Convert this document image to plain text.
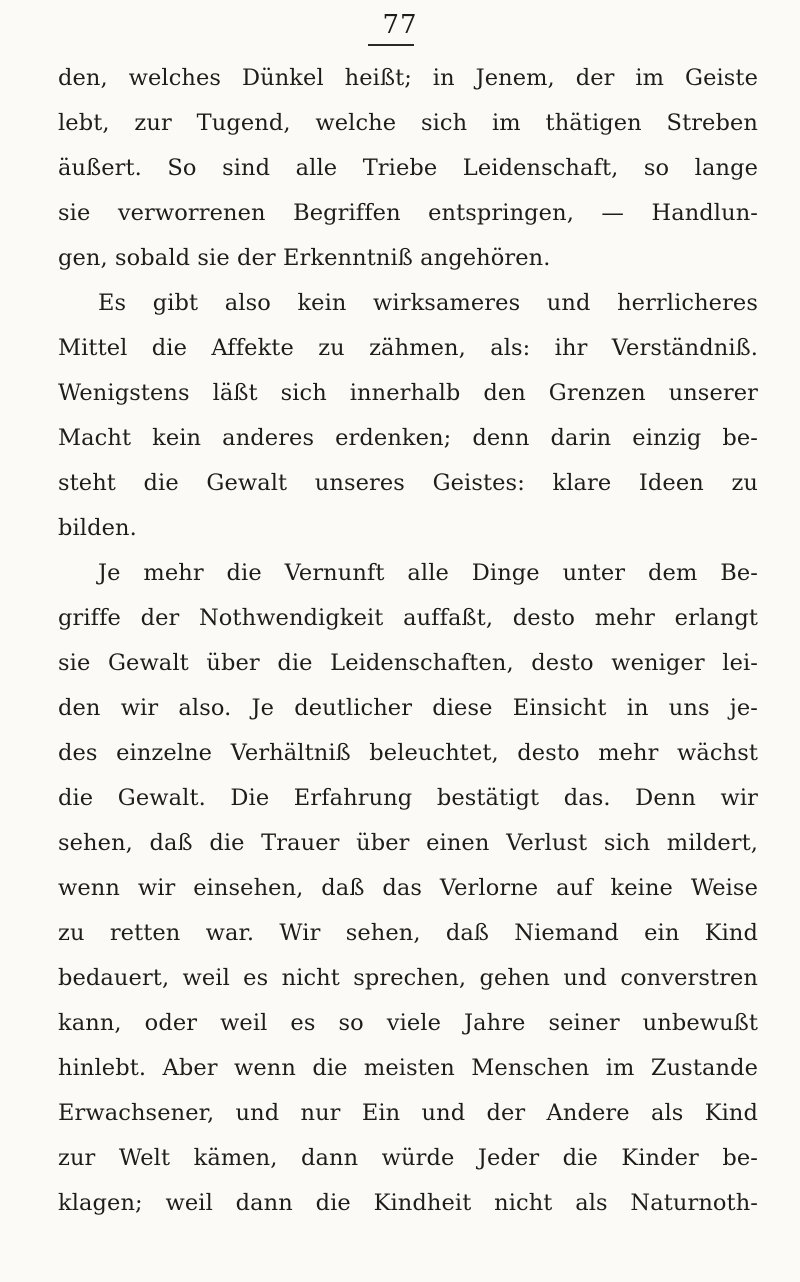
77
den, welches Dünkel heißt; in Jenem, der im Geiste
lebt, zur Tugend, welche sich im thätigen Streben
äußert. So sind alle Triebe Leidenschaft, so lange
sie verworrenen Begriffen entspringen, — Handlun-
gen, sobald sie der Erkenntniß angehören.
Es gibt also kein wirksameres und herrlicheres
Mittel die Affekte zu zähmen, als: ihr Verständniß.
Wenigstens läßt sich innerhalb den Grenzen unserer
Macht kein anderes erdenken; denn darin einzig be-
steht die Gewalt unseres Geistes: klare Ideen zu
bilden.
Je mehr die Vernunft alle Dinge unter dem Be-
griffe der Nothwendigkeit auffaßt, desto mehr erlangt
sie Gewalt über die Leidenschaften, desto weniger lei-
den wir also. Je deutlicher diese Einsicht in uns je-
des einzelne Verhältniß beleuchtet, desto mehr wächst
die Gewalt. Die Erfahrung bestätigt das. Denn wir
sehen, daß die Trauer über einen Verlust sich mildert,
wenn wir einsehen, daß das Verlorne auf keine Weise
zu retten war. Wir sehen, daß Niemand ein Kind
bedauert, weil es nicht sprechen, gehen und converstren
kann, oder weil es so viele Jahre seiner unbewußt
hinlebt. Aber wenn die meisten Menschen im Zustande
Erwachsener, und nur Ein und der Andere als Kind
zur Welt kämen, dann würde Jeder die Kinder be-
klagen; weil dann die Kindheit nicht als Naturnoth-
